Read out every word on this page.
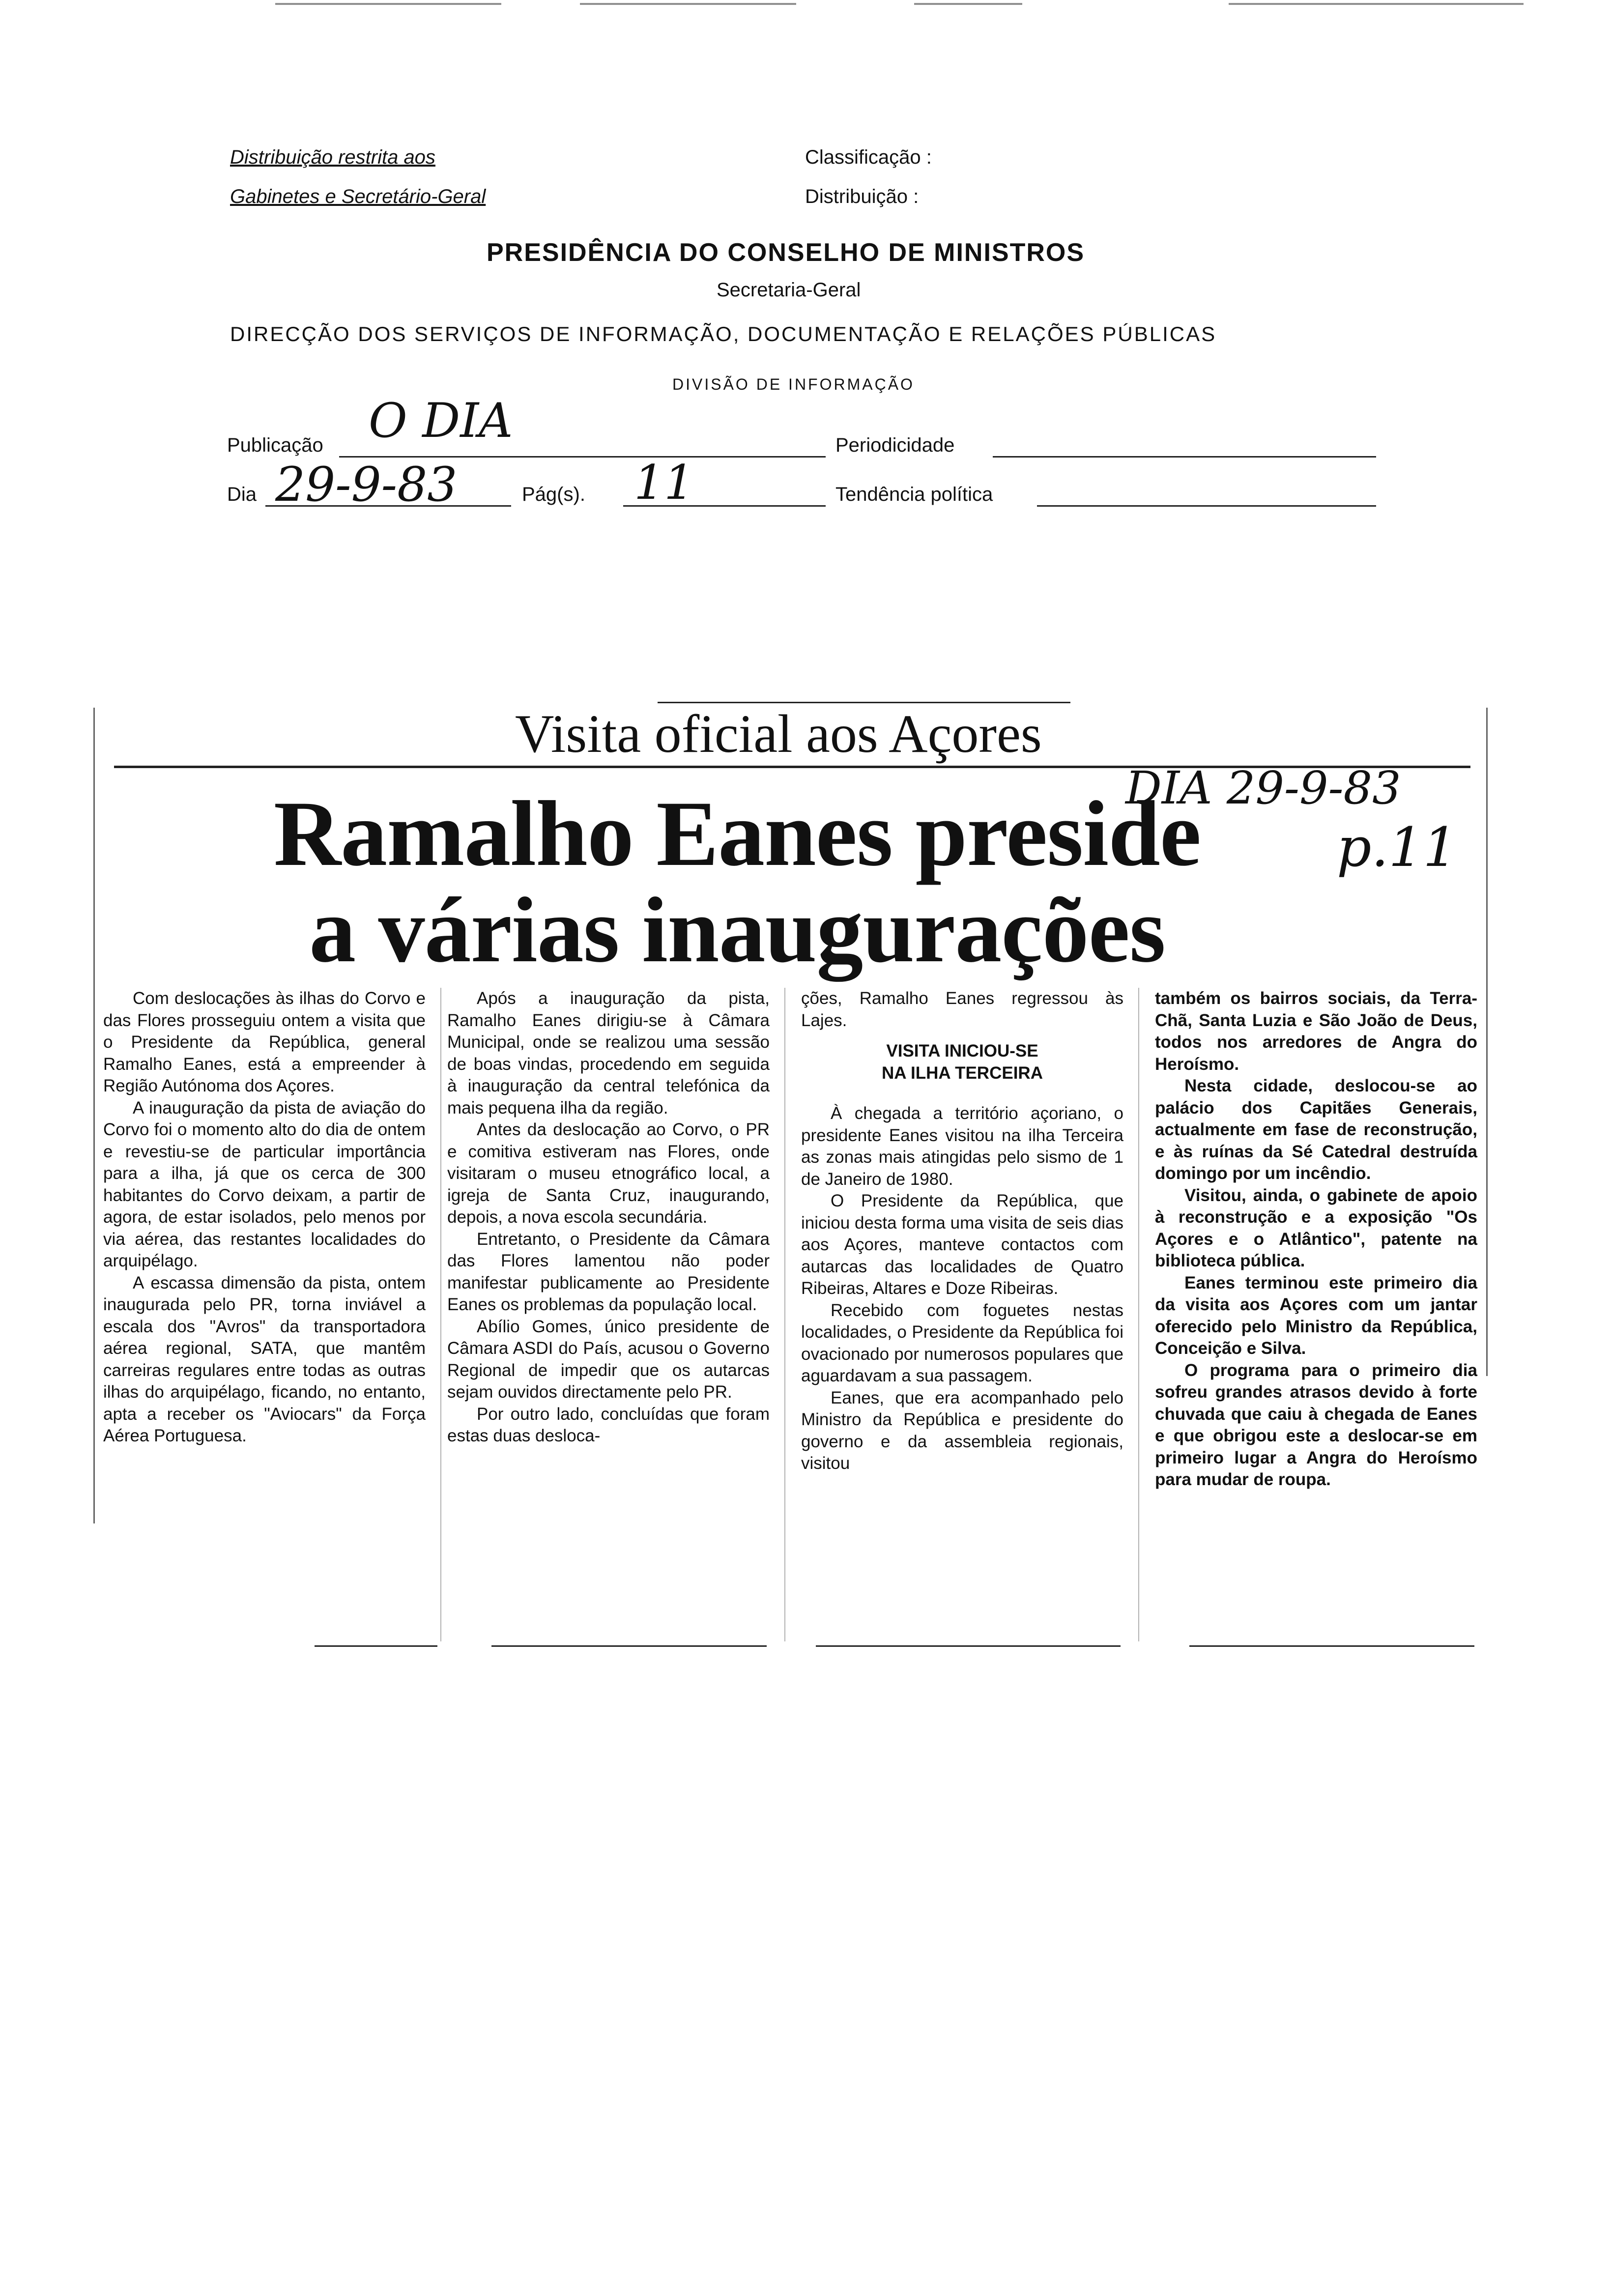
Distribuição restrita aos
Gabinetes e Secretário-Geral
Classificação :
Distribuição :
PRESIDÊNCIA DO CONSELHO DE MINISTROS
Secretaria-Geral
DIRECÇÃO DOS SERVIÇOS DE INFORMAÇÃO, DOCUMENTAÇÃO E RELAÇÕES PÚBLICAS
DIVISÃO DE INFORMAÇÃO
Publicação O DIA	Periodicidade
Dia 29-9-83	Pág(s). 11	Tendência política
Visita oficial aos Açores
Ramalho Eanes preside
a várias inaugurações
DIA 29-9-83
p.11

Com deslocações às ilhas do Corvo e das Flores prosseguiu ontem a visita que o Presidente da República, general Ramalho Eanes, está a empreender à Região Autónoma dos Açores.

A inauguração da pista de aviação do Corvo foi o momento alto do dia de ontem e revestiu-se de particular importância para a ilha, já que os cerca de 300 habitantes do Corvo deixam, a partir de agora, de estar isolados, pelo menos por via aérea, das restantes localidades do arquipélago.

A escassa dimensão da pista, ontem inaugurada pelo PR, torna inviável a escala dos "Avros" da transportadora aérea regional, SATA, que mantêm carreiras regulares entre todas as outras ilhas do arquipélago, ficando, no entanto, apta a receber os "Aviocars" da Força Aérea Portuguesa.

Após a inauguração da pista, Ramalho Eanes dirigiu-se à Câmara Municipal, onde se realizou uma sessão de boas vindas, procedendo em seguida à inauguração da central telefónica da mais pequena ilha da região.

Antes da deslocação ao Corvo, o PR e comitiva estiveram nas Flores, onde visitaram o museu etnográfico local, a igreja de Santa Cruz, inaugurando, depois, a nova escola secundária.

Entretanto, o Presidente da Câmara das Flores lamentou não poder manifestar publicamente ao Presidente Eanes os problemas da população local.

Abílio Gomes, único presidente de Câmara ASDI do País, acusou o Governo Regional de impedir que os autarcas sejam ouvidos directamente pelo PR.

Por outro lado, concluídas que foram estas duas desloca-

ções, Ramalho Eanes regressou às Lajes.

VISITA INICIOU-SE
NA ILHA TERCEIRA

À chegada a território açoriano, o presidente Eanes visitou na ilha Terceira as zonas mais atingidas pelo sismo de 1 de Janeiro de 1980.

O Presidente da República, que iniciou desta forma uma visita de seis dias aos Açores, manteve contactos com autarcas das localidades de Quatro Ribeiras, Altares e Doze Ribeiras.

Recebido com foguetes nestas localidades, o Presidente da República foi ovacionado por numerosos populares que aguardavam a sua passagem.

Eanes, que era acompanhado pelo Ministro da República e presidente do governo e da assembleia regionais, visitou

também os bairros sociais, da Terra-Chã, Santa Luzia e São João de Deus, todos nos arredores de Angra do Heroísmo.

Nesta cidade, deslocou-se ao palácio dos Capitães Generais, actualmente em fase de reconstrução, e às ruínas da Sé Catedral destruída domingo por um incêndio.

Visitou, ainda, o gabinete de apoio à reconstrução e a exposição "Os Açores e o Atlântico", patente na biblioteca pública.

Eanes terminou este primeiro dia da visita aos Açores com um jantar oferecido pelo Ministro da República, Conceição e Silva.

O programa para o primeiro dia sofreu grandes atrasos devido à forte chuvada que caiu à chegada de Eanes e que obrigou este a deslocar-se em primeiro lugar a Angra do Heroísmo para mudar de roupa.
